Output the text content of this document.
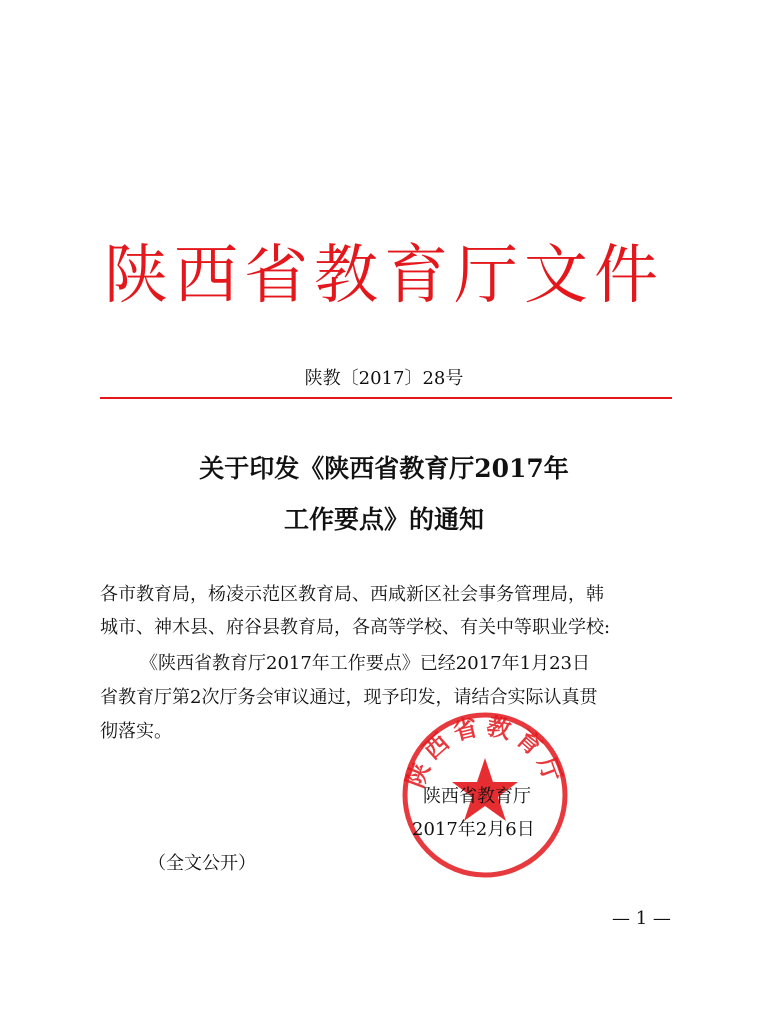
陕西省教育厅文件
陕教〔2017〕28号
关于印发《陕西省教育厅2017年
工作要点》的通知
各市教育局，杨凌示范区教育局、西咸新区社会事务管理局，韩
城市、神木县、府谷县教育局，各高等学校、有关中等职业学校:
《陕西省教育厅2017年工作要点》已经2017年1月23日
省教育厅第2次厅务会审议通过，现予印发，请结合实际认真贯
彻落实。
陕西省教育厅
陕西省教育厅
2017年2月6日
（全文公开）
— 1 —
